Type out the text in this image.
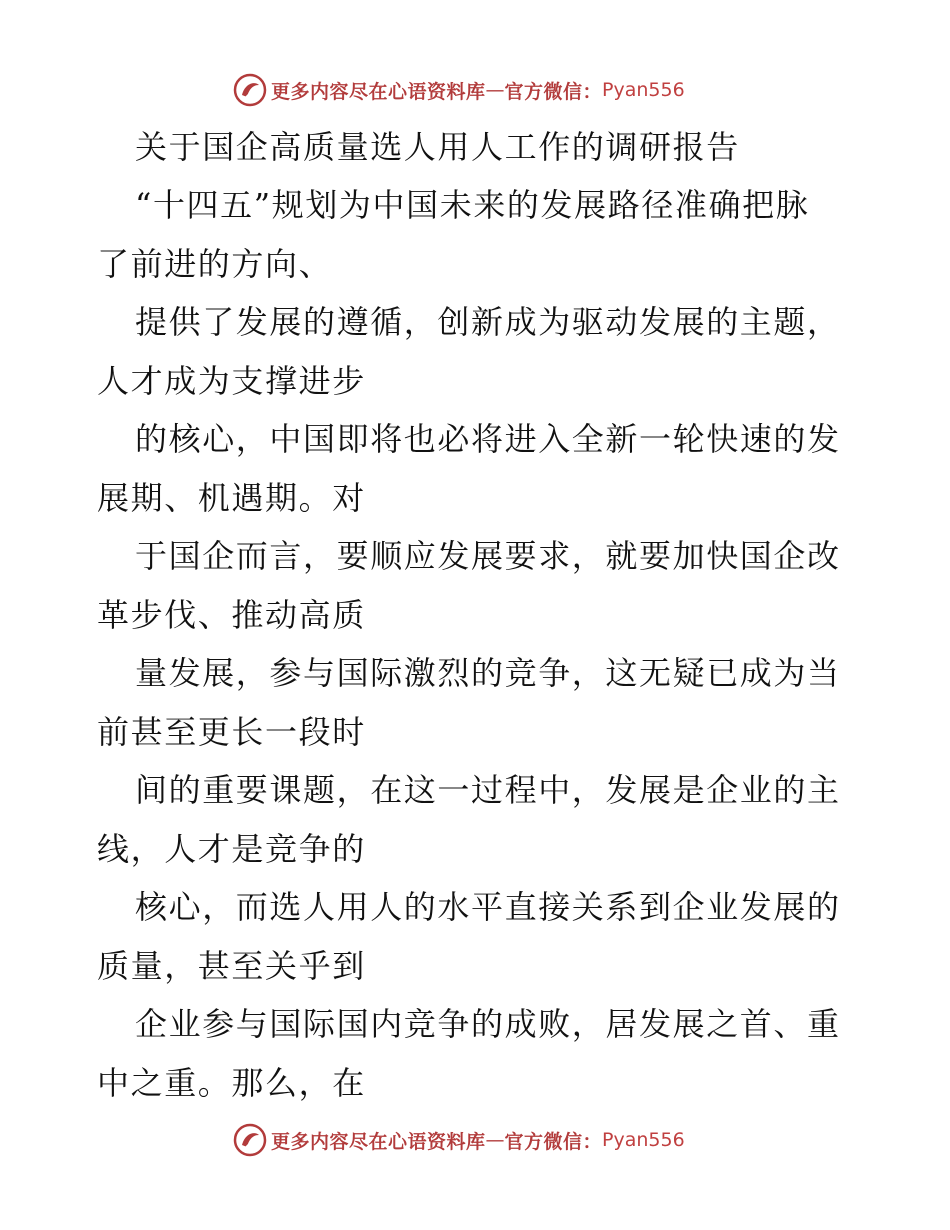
更多内容尽在心语资料库 — 官方微信： Pyan556
关于国企高质量选人用人工作的调研报告
“十四五”规划为中国未来的发展路径准确把脉
了前进的方向、
提供了发展的遵循，创新成为驱动发展的主题，
人才成为支撑进步
的核心，中国即将也必将进入全新一轮快速的发
展期、机遇期。对
于国企而言，要顺应发展要求，就要加快国企改
革步伐、推动高质
量发展，参与国际激烈的竞争，这无疑已成为当
前甚至更长一段时
间的重要课题，在这一过程中，发展是企业的主
线，人才是竞争的
核心，而选人用人的水平直接关系到企业发展的
质量，甚至关乎到
企业参与国际国内竞争的成败，居发展之首、重
中之重。那么，在
更多内容尽在心语资料库 — 官方微信： Pyan556
